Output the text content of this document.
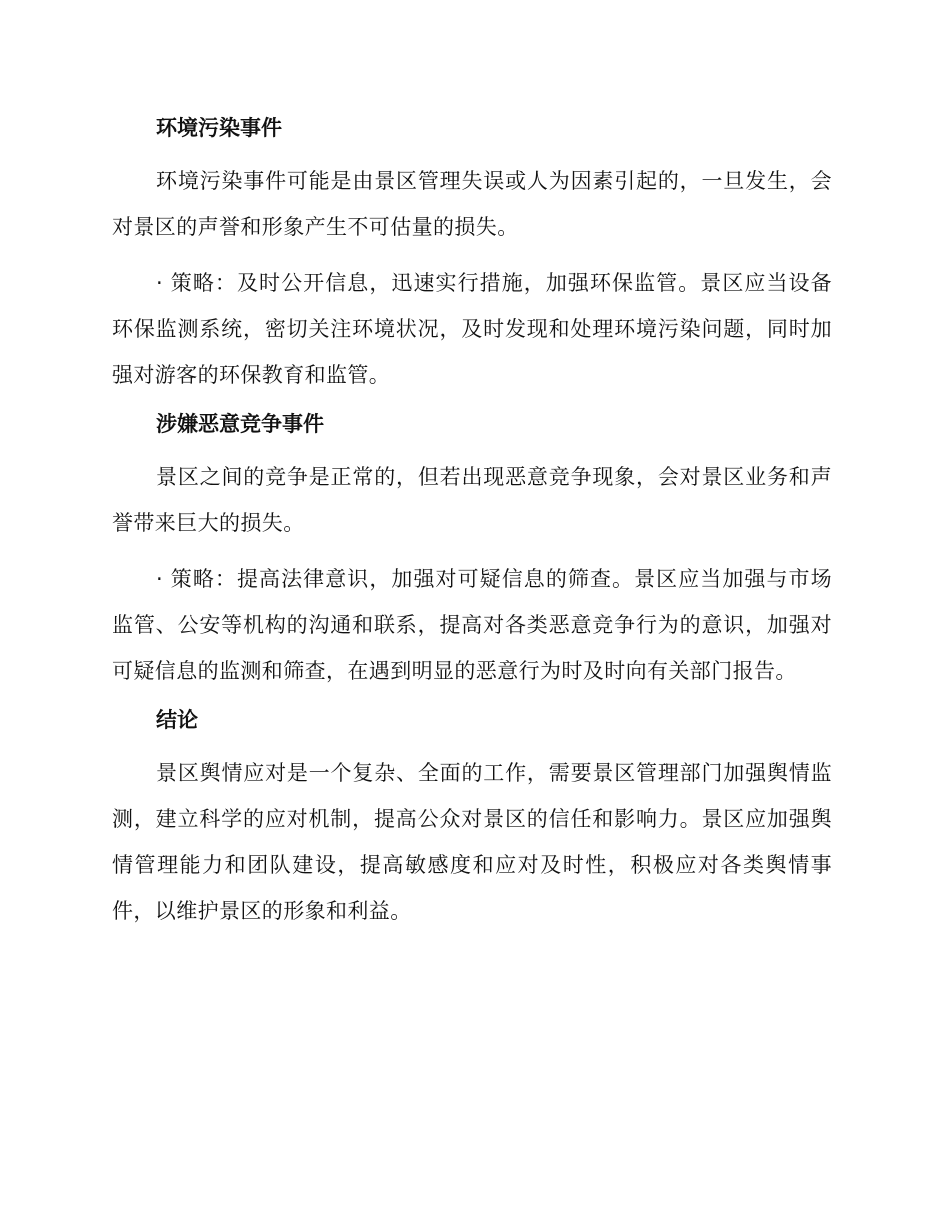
环境污染事件

环境污染事件可能是由景区管理失误或人为因素引起的，一旦发生，会对景区的声誉和形象产生不可估量的损失。

· 策略：及时公开信息，迅速实行措施，加强环保监管。景区应当设备环保监测系统，密切关注环境状况，及时发现和处理环境污染问题，同时加强对游客的环保教育和监管。

涉嫌恶意竞争事件

景区之间的竞争是正常的，但若出现恶意竞争现象，会对景区业务和声誉带来巨大的损失。

· 策略：提高法律意识，加强对可疑信息的筛查。景区应当加强与市场监管、公安等机构的沟通和联系，提高对各类恶意竞争行为的意识，加强对可疑信息的监测和筛查，在遇到明显的恶意行为时及时向有关部门报告。

结论

景区舆情应对是一个复杂、全面的工作，需要景区管理部门加强舆情监测，建立科学的应对机制，提高公众对景区的信任和影响力。景区应加强舆情管理能力和团队建设，提高敏感度和应对及时性，积极应对各类舆情事件，以维护景区的形象和利益。
